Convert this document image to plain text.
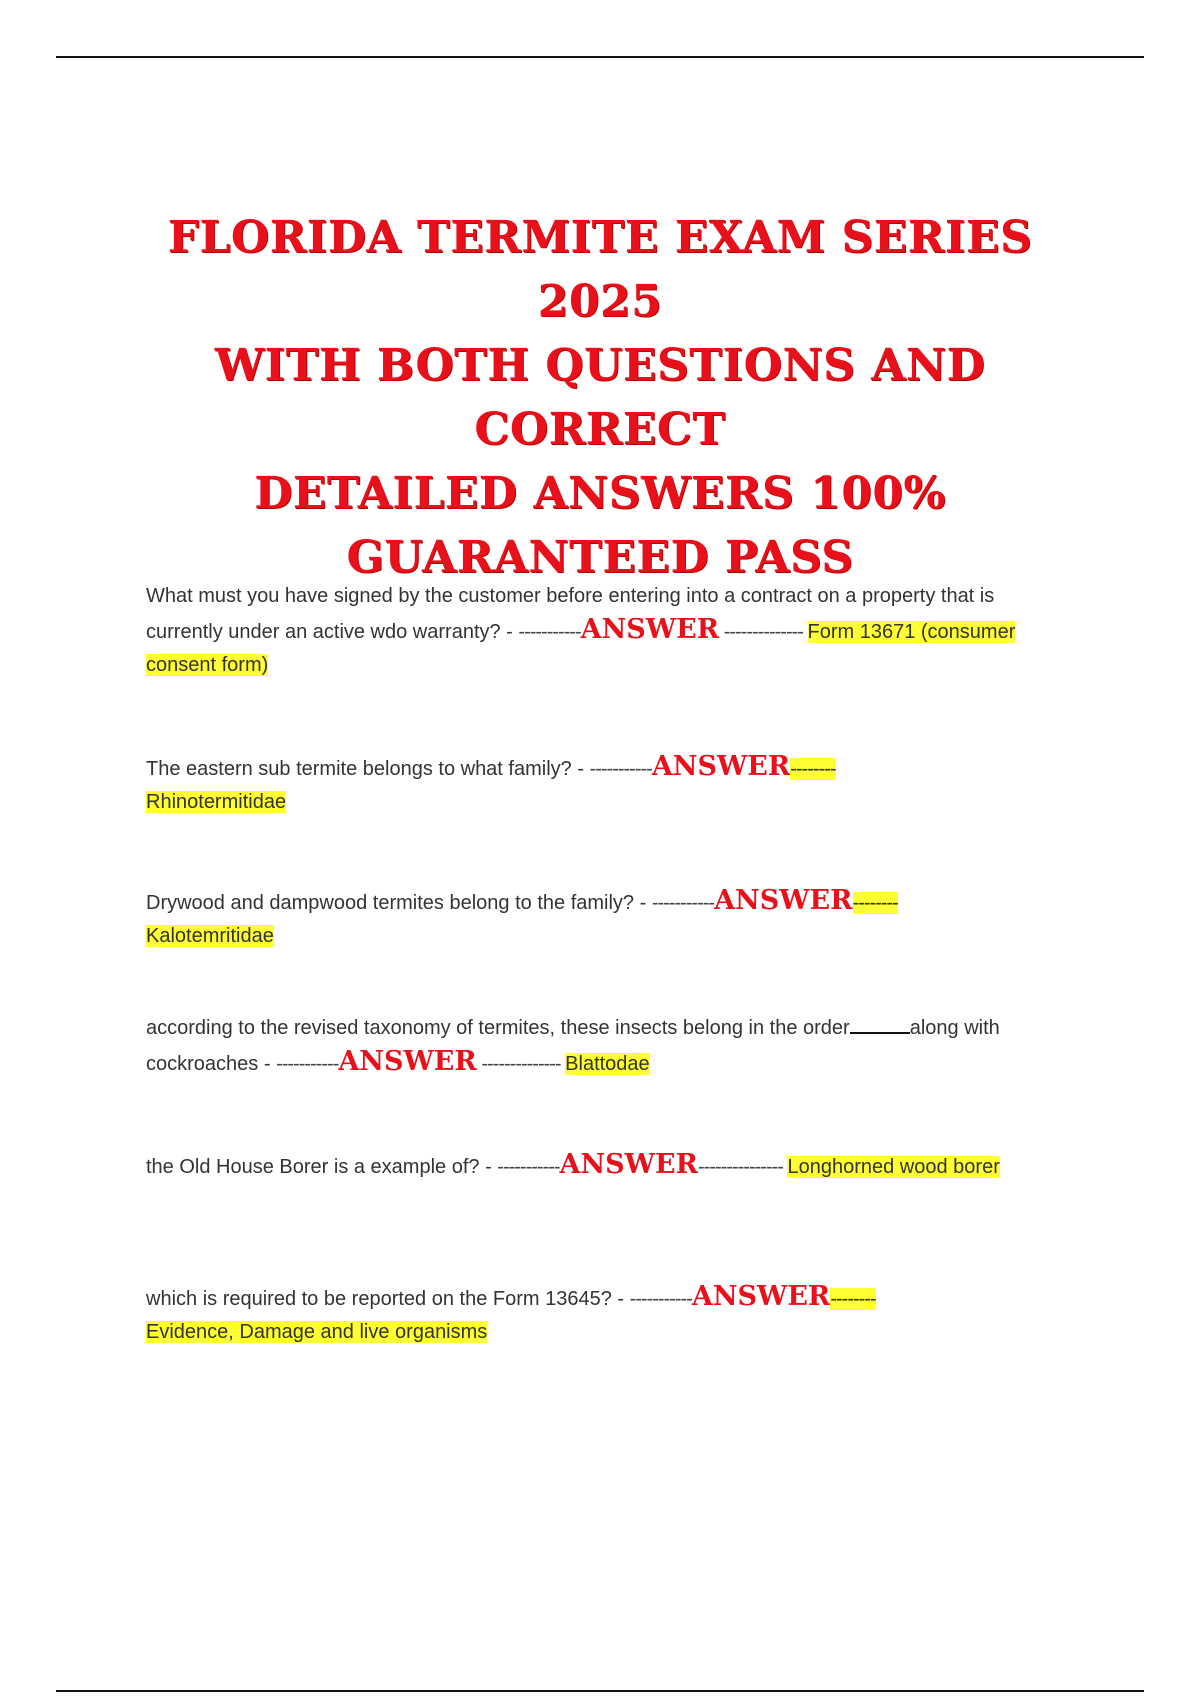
FLORIDA TERMITE EXAM SERIES 2025
WITH BOTH QUESTIONS AND CORRECT
DETAILED ANSWERS 100%
GUARANTEED PASS
What must you have signed by the customer before entering into a contract on a property that is currently under an active wdo warranty? - -----------ANSWER -------------- Form 13671 (consumer consent form)
The eastern sub termite belongs to what family? - -----------ANSWER--------
Rhinotermitidae
Drywood and dampwood termites belong to the family? - -----------ANSWER--------
Kalotemritidae
according to the revised taxonomy of termites, these insects belong in the order	along with cockroaches - -----------ANSWER -------------- Blattodae
the Old House Borer is a example of? - -----------ANSWER--------------- Longhorned wood borer
which is required to be reported on the Form 13645? - -----------ANSWER--------
Evidence, Damage and live organisms
